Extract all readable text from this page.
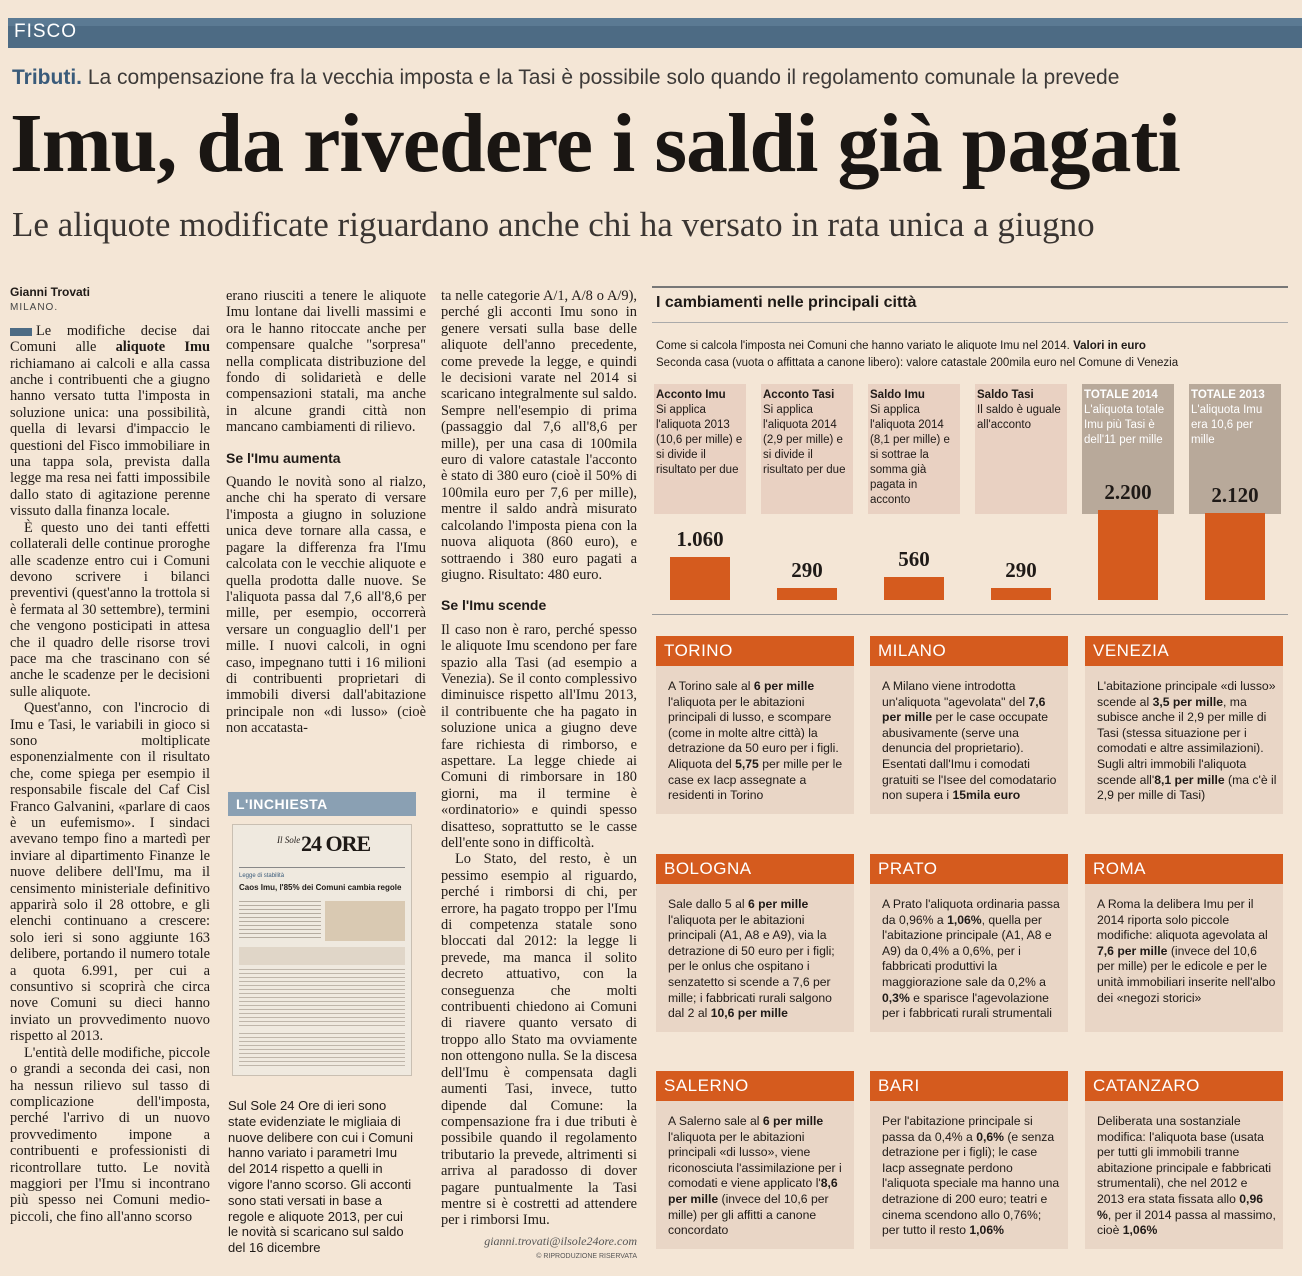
FISCO
Tributi. La compensazione fra la vecchia imposta e la Tasi è possibile solo quando il regolamento comunale la prevede
Imu, da rivedere i saldi già pagati
Le aliquote modificate riguardano anche chi ha versato in rata unica a giugno
Gianni Trovati
MILANO.

Le modifiche decise dai Comuni alle aliquote Imu richiamano ai calcoli e alla cassa anche i contribuenti che a giugno hanno versato tutta l'imposta in soluzione unica: una possibilità, quella di levarsi d'impaccio le questioni del Fisco immobiliare in una tappa sola, prevista dalla legge ma resa nei fatti impossibile dallo stato di agitazione perenne vissuto dalla finanza locale.

È questo uno dei tanti effetti collaterali delle continue proroghe alle scadenze entro cui i Comuni devono scrivere i bilanci preventivi (quest'anno la trottola si è fermata al 30 settembre), termini che vengono posticipati in attesa che il quadro delle risorse trovi pace ma che trascinano con sé anche le scadenze per le decisioni sulle aliquote.

Quest'anno, con l'incrocio di Imu e Tasi, le variabili in gioco si sono moltiplicate esponenzialmente con il risultato che, come spiega per esempio il responsabile fiscale del Caf Cisl Franco Galvanini, «parlare di caos è un eufemismo». I sindaci avevano tempo fino a martedì per inviare al dipartimento Finanze le nuove delibere dell'Imu, ma il censimento ministeriale definitivo apparirà solo il 28 ottobre, e gli elenchi continuano a crescere: solo ieri si sono aggiunte 163 delibere, portando il numero totale a quota 6.991, per cui a consuntivo si scoprirà che circa nove Comuni su dieci hanno inviato un provvedimento nuovo rispetto al 2013.

L'entità delle modifiche, piccole o grandi a seconda dei casi, non ha nessun rilievo sul tasso di complicazione dell'imposta, perché l'arrivo di un nuovo provvedimento impone a contribuenti e professionisti di ricontrollare tutto. Le novità maggiori per l'Imu si incontrano più spesso nei Comuni medio-piccoli, che fino all'anno scorso

erano riusciti a tenere le aliquote Imu lontane dai livelli massimi e ora le hanno ritoccate anche per compensare qualche "sorpresa" nella complicata distribuzione del fondo di solidarietà e delle compensazioni statali, ma anche in alcune grandi città non mancano cambiamenti di rilievo.

Se l'Imu aumenta

Quando le novità sono al rialzo, anche chi ha sperato di versare l'imposta a giugno in soluzione unica deve tornare alla cassa, e pagare la differenza fra l'Imu calcolata con le vecchie aliquote e quella prodotta dalle nuove. Se l'aliquota passa dal 7,6 all'8,6 per mille, per esempio, occorrerà versare un conguaglio dell'1 per mille. I nuovi calcoli, in ogni caso, impegnano tutti i 16 milioni di contribuenti proprietari di immobili diversi dall'abitazione principale non «di lusso» (cioè non accatasta-

L'INCHIESTA
Il Sole 24 ORE
Legge di stabilità
Caos Imu, l'85% dei Comuni cambia regole
Sul Sole 24 Ore di ieri sono state evidenziate le migliaia di nuove delibere con cui i Comuni hanno variato i parametri Imu del 2014 rispetto a quelli in vigore l'anno scorso. Gli acconti sono stati versati in base a regole e aliquote 2013, per cui le novità si scaricano sul saldo del 16 dicembre

ta nelle categorie A/1, A/8 o A/9), perché gli acconti Imu sono in genere versati sulla base delle aliquote dell'anno precedente, come prevede la legge, e quindi le decisioni varate nel 2014 si scaricano integralmente sul saldo. Sempre nell'esempio di prima (passaggio dal 7,6 all'8,6 per mille), per una casa di 100mila euro di valore catastale l'acconto è stato di 380 euro (cioè il 50% di 100mila euro per 7,6 per mille), mentre il saldo andrà misurato calcolando l'imposta piena con la nuova aliquota (860 euro), e sottraendo i 380 euro pagati a giugno. Risultato: 480 euro.

Se l'Imu scende

Il caso non è raro, perché spesso le aliquote Imu scendono per fare spazio alla Tasi (ad esempio a Venezia). Se il conto complessivo diminuisce rispetto all'Imu 2013, il contribuente che ha pagato in soluzione unica a giugno deve fare richiesta di rimborso, e aspettare. La legge chiede ai Comuni di rimborsare in 180 giorni, ma il termine è «ordinatorio» e quindi spesso disatteso, soprattutto se le casse dell'ente sono in difficoltà.

Lo Stato, del resto, è un pessimo esempio al riguardo, perché i rimborsi di chi, per errore, ha pagato troppo per l'Imu di competenza statale sono bloccati dal 2012: la legge li prevede, ma manca il solito decreto attuativo, con la conseguenza che molti contribuenti chiedono ai Comuni di riavere quanto versato di troppo allo Stato ma ovviamente non ottengono nulla. Se la discesa dell'Imu è compensata dagli aumenti Tasi, invece, tutto dipende dal Comune: la compensazione fra i due tributi è possibile quando il regolamento tributario la prevede, altrimenti si arriva al paradosso di dover pagare puntualmente la Tasi mentre si è costretti ad attendere per i rimborsi Imu.

gianni.trovati@ilsole24ore.com
© RIPRODUZIONE RISERVATA
I cambiamenti nelle principali città
Come si calcola l'imposta nei Comuni che hanno variato le aliquote Imu nel 2014. Valori in euro
Seconda casa (vuota o affittata a canone libero): valore catastale 200mila euro nel Comune di Venezia
Acconto Imu
Si applica l'aliquota 2013 (10,6 per mille) e si divide il risultato per due
1.060
Acconto Tasi
Si applica l'aliquota 2014 (2,9 per mille) e si divide il risultato per due
290
Saldo Imu
Si applica l'aliquota 2014 (8,1 per mille) e si sottrae la somma già pagata in acconto
560
Saldo Tasi
Il saldo è uguale all'acconto
290
TOTALE 2014
L'aliquota totale Imu più Tasi è dell'11 per mille
2.200
TOTALE 2013
L'aliquota Imu era 10,6 per mille
2.120
TORINO
A Torino sale al 6 per mille l'aliquota per le abitazioni principali di lusso, e scompare (come in molte altre città) la detrazione da 50 euro per i figli. Aliquota del 5,75 per mille per le case ex Iacp assegnate a residenti in Torino
MILANO
A Milano viene introdotta un'aliquota "agevolata" del 7,6 per mille per le case occupate abusivamente (serve una denuncia del proprietario). Esentati dall'Imu i comodati gratuiti se l'Isee del comodatario non supera i 15mila euro
VENEZIA
L'abitazione principale «di lusso» scende al 3,5 per mille, ma subisce anche il 2,9 per mille di Tasi (stessa situazione per i comodati e altre assimilazioni). Sugli altri immobili l'aliquota scende all'8,1 per mille (ma c'è il 2,9 per mille di Tasi)
BOLOGNA
Sale dallo 5 al 6 per mille l'aliquota per le abitazioni principali (A1, A8 e A9), via la detrazione di 50 euro per i figli; per le onlus che ospitano i senzatetto si scende a 7,6 per mille; i fabbricati rurali salgono dal 2 al 10,6 per mille
PRATO
A Prato l'aliquota ordinaria passa da 0,96% a 1,06%, quella per l'abitazione principale (A1, A8 e A9) da 0,4% a 0,6%, per i fabbricati produttivi la maggiorazione sale da 0,2% a 0,3% e sparisce l'agevolazione per i fabbricati rurali strumentali
ROMA
A Roma la delibera Imu per il 2014 riporta solo piccole modifiche: aliquota agevolata al 7,6 per mille (invece del 10,6 per mille) per le edicole e per le unità immobiliari inserite nell'albo dei «negozi storici»
SALERNO
A Salerno sale al 6 per mille l'aliquota per le abitazioni principali «di lusso», viene riconosciuta l'assimilazione per i comodati e viene applicato l'8,6 per mille (invece del 10,6 per mille) per gli affitti a canone concordato
BARI
Per l'abitazione principale si passa da 0,4% a 0,6% (e senza detrazione per i figli); le case Iacp assegnate perdono l'aliquota speciale ma hanno una detrazione di 200 euro; teatri e cinema scendono allo 0,76%; per tutto il resto 1,06%
CATANZARO
Deliberata una sostanziale modifica: l'aliquota base (usata per tutti gli immobili tranne abitazione principale e fabbricati strumentali), che nel 2012 e 2013 era stata fissata allo 0,96 %, per il 2014 passa al massimo, cioè 1,06%
